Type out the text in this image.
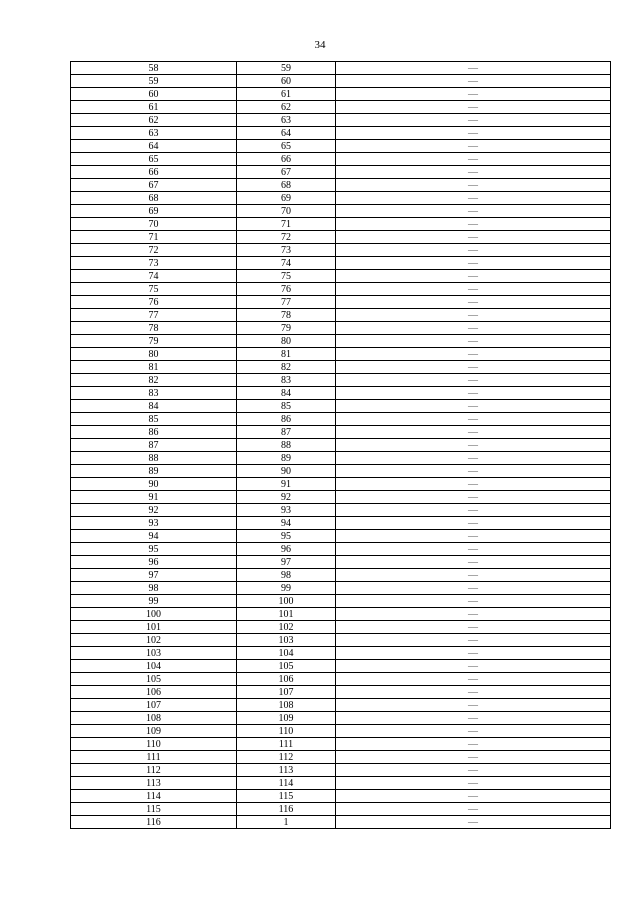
34
58	59	—
59	60	—
60	61	—
61	62	—
62	63	—
63	64	—
64	65	—
65	66	—
66	67	—
67	68	—
68	69	—
69	70	—
70	71	—
71	72	—
72	73	—
73	74	—
74	75	—
75	76	—
76	77	—
77	78	—
78	79	—
79	80	—
80	81	—
81	82	—
82	83	—
83	84	—
84	85	—
85	86	—
86	87	—
87	88	—
88	89	—
89	90	—
90	91	—
91	92	—
92	93	—
93	94	—
94	95	—
95	96	—
96	97	—
97	98	—
98	99	—
99	100	—
100	101	—
101	102	—
102	103	—
103	104	—
104	105	—
105	106	—
106	107	—
107	108	—
108	109	—
109	110	—
110	111	—
111	112	—
112	113	—
113	114	—
114	115	—
115	116	—
116	1	—
